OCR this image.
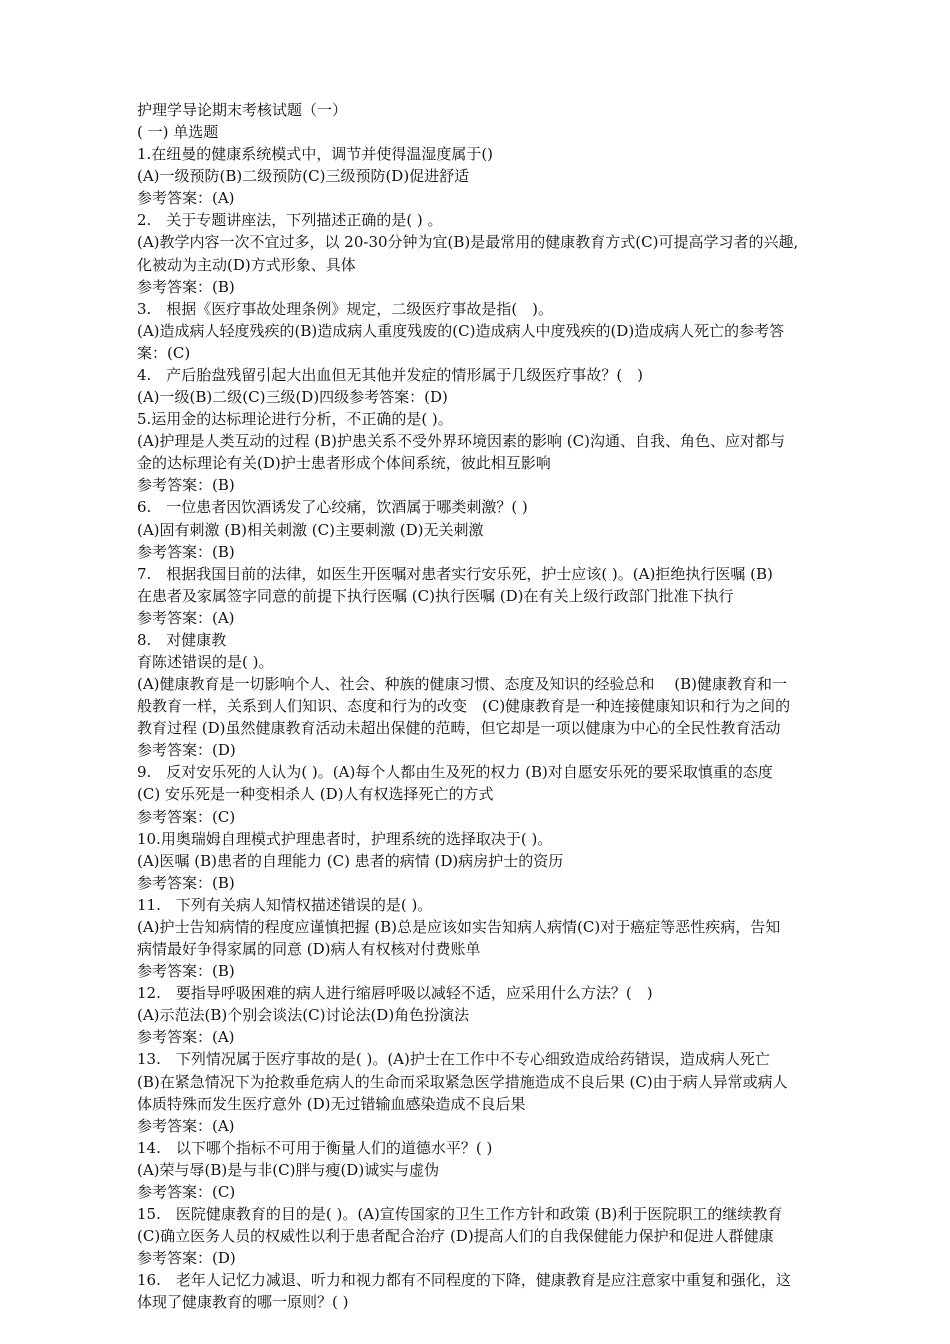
护理学导论期末考核试题（一）
( 一) 单选题
1.在纽曼的健康系统模式中，调节并使得温湿度属于()
(A)一级预防(B)二级预防(C)三级预防(D)促进舒适
参考答案：(A)
2.　关于专题讲座法，下列描述正确的是( ) 。
(A)教学内容一次不宜过多，以 20-30分钟为宜(B)是最常用的健康教育方式(C)可提高学习者的兴趣,
化被动为主动(D)方式形象、具体
参考答案：(B)
3.　根据《医疗事故处理条例》规定，二级医疗事故是指(　)。
(A)造成病人轻度残疾的(B)造成病人重度残废的(C)造成病人中度残疾的(D)造成病人死亡的参考答
案：(C)
4.　产后胎盘残留引起大出血但无其他并发症的情形属于几级医疗事故？(　)
(A)一级(B)二级(C)三级(D)四级参考答案：(D)
5.运用金的达标理论进行分析，不正确的是( )。
(A)护理是人类互动的过程 (B)护患关系不受外界环境因素的影响 (C)沟通、自我、角色、应对都与
金的达标理论有关(D)护士患者形成个体间系统，彼此相互影响
参考答案：(B)
6.　一位患者因饮酒诱发了心绞痛，饮酒属于哪类刺激？( )
(A)固有刺激 (B)相关刺激 (C)主要刺激 (D)无关刺激
参考答案：(B)
7.　根据我国目前的法律，如医生开医嘱对患者实行安乐死，护士应该( )。(A)拒绝执行医嘱 (B)
在患者及家属签字同意的前提下执行医嘱 (C)执行医嘱 (D)在有关上级行政部门批准下执行
参考答案：(A)
8.　对健康教
育陈述错误的是( )。
(A)健康教育是一切影响个人、社会、种族的健康习惯、态度及知识的经验总和　 (B)健康教育和一
般教育一样，关系到人们知识、态度和行为的改变　(C)健康教育是一种连接健康知识和行为之间的
教育过程 (D)虽然健康教育活动未超出保健的范畴，但它却是一项以健康为中心的全民性教育活动
参考答案：(D)
9.　反对安乐死的人认为( )。(A)每个人都由生及死的权力 (B)对自愿安乐死的要采取慎重的态度
(C) 安乐死是一种变相杀人 (D)人有权选择死亡的方式
参考答案：(C)
10.用奥瑞姆自理模式护理患者时，护理系统的选择取决于( )。
(A)医嘱 (B)患者的自理能力 (C) 患者的病情 (D)病房护士的资历
参考答案：(B)
11.　下列有关病人知情权描述错误的是( )。
(A)护士告知病情的程度应谨慎把握 (B)总是应该如实告知病人病情(C)对于癌症等恶性疾病，告知
病情最好争得家属的同意 (D)病人有权核对付费账单
参考答案：(B)
12.　要指导呼吸困难的病人进行缩唇呼吸以减轻不适，应采用什么方法？(　)
(A)示范法(B)个别会谈法(C)讨论法(D)角色扮演法
参考答案：(A)
13.　下列情况属于医疗事故的是( )。(A)护士在工作中不专心细致造成给药错误，造成病人死亡
(B)在紧急情况下为抢救垂危病人的生命而采取紧急医学措施造成不良后果 (C)由于病人异常或病人
体质特殊而发生医疗意外 (D)无过错输血感染造成不良后果
参考答案：(A)
14.　以下哪个指标不可用于衡量人们的道德水平？( )
(A)荣与辱(B)是与非(C)胖与瘦(D)诚实与虚伪
参考答案：(C)
15.　医院健康教育的目的是( )。(A)宣传国家的卫生工作方针和政策 (B)利于医院职工的继续教育
(C)确立医务人员的权威性以利于患者配合治疗 (D)提高人们的自我保健能力保护和促进人群健康
参考答案：(D)
16.　老年人记忆力减退、听力和视力都有不同程度的下降，健康教育是应注意家中重复和强化，这
体现了健康教育的哪一原则？( )
